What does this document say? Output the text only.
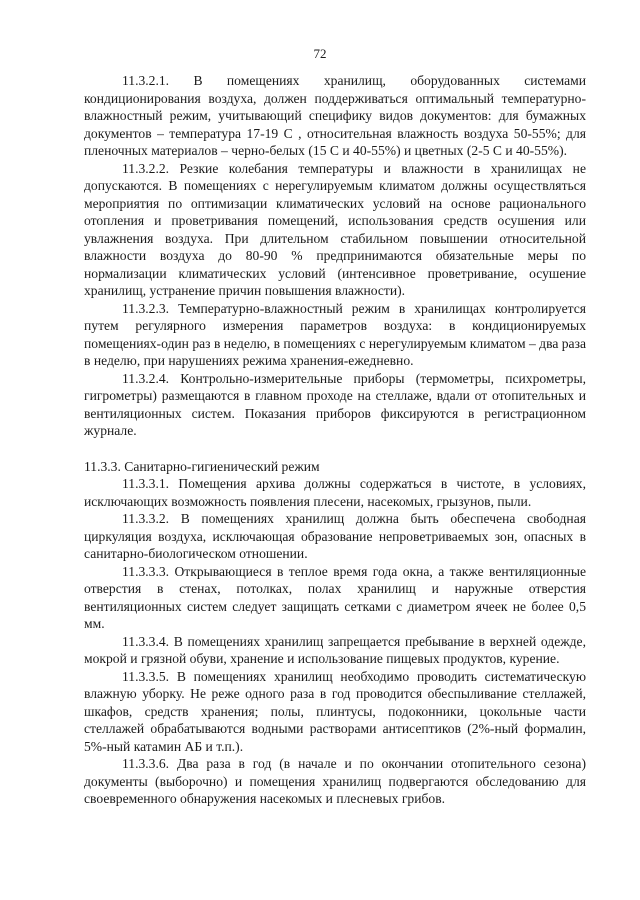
72

11.3.2.1. В помещениях хранилищ, оборудованных системами кондиционирования воздуха, должен поддерживаться оптимальный температурно-влажностный режим, учитывающий специфику видов документов: для бумажных документов – температура 17-19 С , относительная влажность воздуха 50-55%; для пленочных материалов – черно-белых (15 С и 40-55%) и цветных (2-5 С и 40-55%).

11.3.2.2. Резкие колебания температуры и влажности в хранилищах не допускаются. В помещениях с нерегулируемым климатом должны осуществляться мероприятия по оптимизации климатических условий на основе рационального отопления и проветривания помещений, использования средств осушения или увлажнения воздуха. При длительном стабильном повышении относительной влажности воздуха до 80-90 % предпринимаются обязательные меры по нормализации климатических условий (интенсивное проветривание, осушение хранилищ, устранение причин повышения влажности).

11.3.2.3. Температурно-влажностный режим в хранилищах контролируется путем регулярного измерения параметров воздуха: в кондиционируемых помещениях-один раз в неделю, в помещениях с нерегулируемым климатом – два раза в неделю, при нарушениях режима хранения-ежедневно.

11.3.2.4. Контрольно-измерительные приборы (термометры, психрометры, гигрометры) размещаются в главном проходе на стеллаже, вдали от отопительных и вентиляционных систем. Показания приборов фиксируются в регистрационном журнале.

11.3.3. Санитарно-гигиенический режим

11.3.3.1. Помещения архива должны содержаться в чистоте, в условиях, исключающих возможность появления плесени, насекомых, грызунов, пыли.

11.3.3.2. В помещениях хранилищ должна быть обеспечена свободная циркуляция воздуха, исключающая образование непроветриваемых зон, опасных в санитарно-биологическом отношении.

11.3.3.3. Открывающиеся в теплое время года окна, а также вентиляционные отверстия в стенах, потолках, полах хранилищ и наружные отверстия вентиляционных систем следует защищать сетками с диаметром ячеек не более 0,5 мм.

11.3.3.4. В помещениях хранилищ запрещается пребывание в верхней одежде, мокрой и грязной обуви, хранение и использование пищевых продуктов, курение.

11.3.3.5. В помещениях хранилищ необходимо проводить систематическую влажную уборку. Не реже одного раза в год проводится обеспыливание стеллажей, шкафов, средств хранения; полы, плинтусы, подоконники, цокольные части стеллажей обрабатываются водными растворами антисептиков (2%-ный формалин, 5%-ный катамин АБ и т.п.).

11.3.3.6. Два раза в год (в начале и по окончании отопительного сезона) документы (выборочно) и помещения хранилищ подвергаются обследованию для своевременного обнаружения насекомых и плесневых грибов.
